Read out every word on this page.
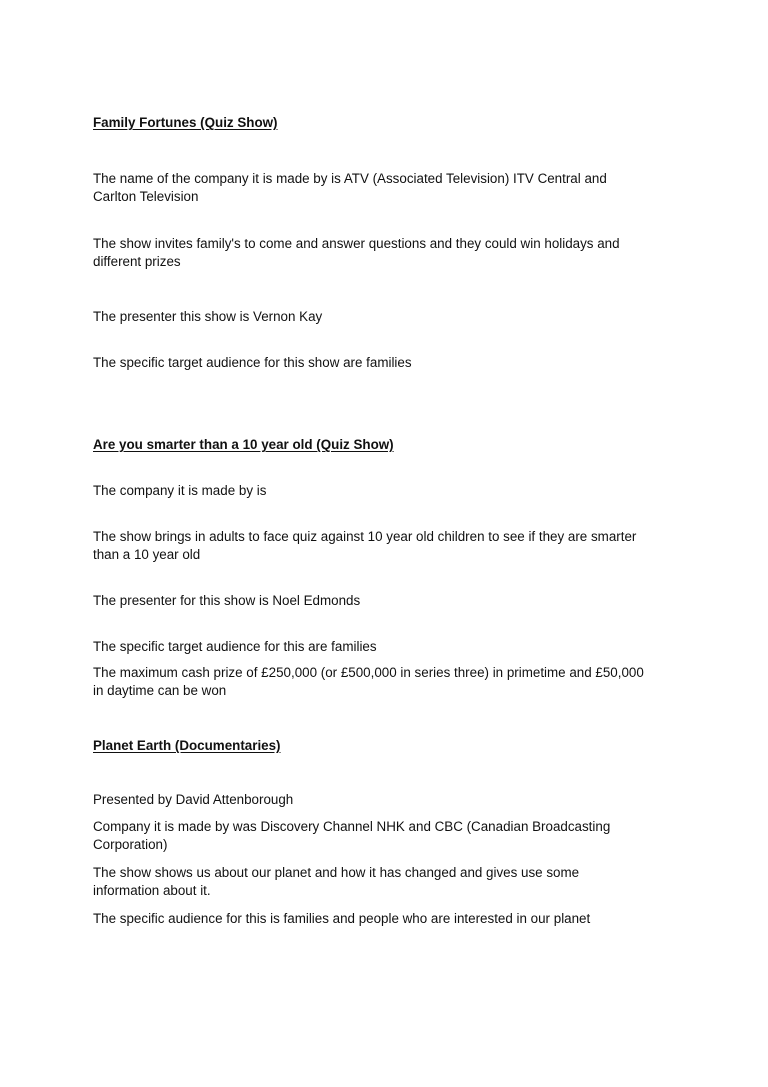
Family Fortunes (Quiz Show)

The name of the company it is made by is ATV (Associated Television) ITV Central and

Carlton Television

The show invites family's to come and answer questions and they could win holidays and

different prizes

The presenter this show is Vernon Kay

The specific target audience for this show are families

Are you smarter than a 10 year old (Quiz Show)

The company it is made by is

The show brings in adults to face quiz against 10 year old children to see if they are smarter

than a 10 year old

The presenter for this show is Noel Edmonds

The specific target audience for this are families

The maximum cash prize of £250,000 (or £500,000 in series three) in primetime and £50,000

in daytime can be won

Planet Earth (Documentaries)

Presented by David Attenborough

Company it is made by was Discovery Channel NHK and CBC (Canadian Broadcasting

Corporation)

The show shows us about our planet and how it has changed and gives use some

information about it.

The specific audience for this is families and people who are interested in our planet
